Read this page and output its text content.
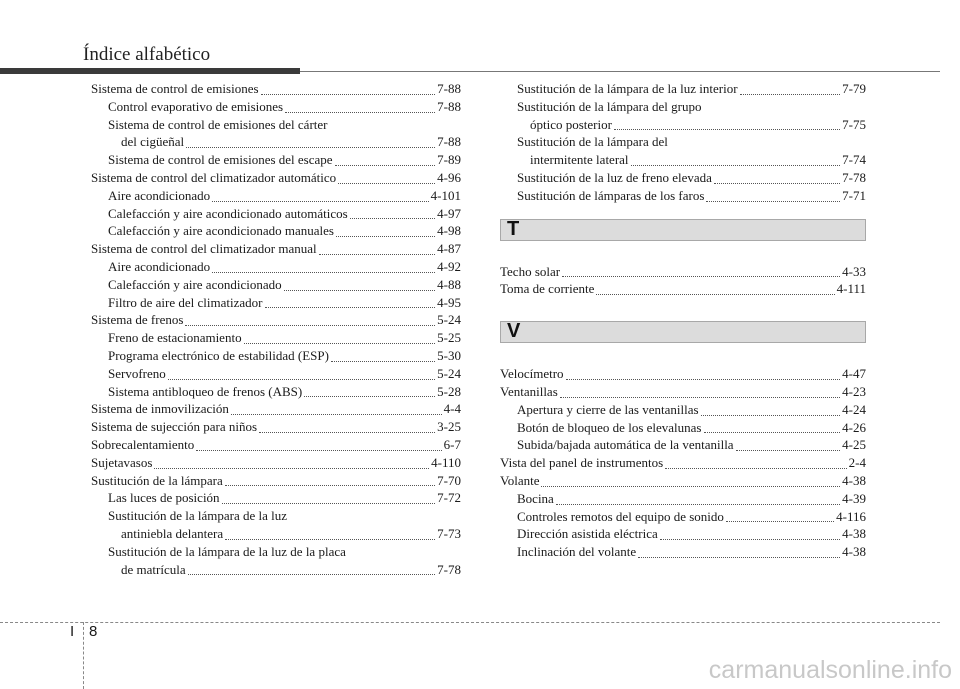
Índice alfabético
Sistema de control de emisiones	7-88
Control evaporativo de emisiones	7-88
Sistema de control de emisiones del cárter
del cigüeñal	7-88
Sistema de control de emisiones del escape	7-89
Sistema de control del climatizador automático	4-96
Aire acondicionado	4-101
Calefacción y aire acondicionado automáticos	4-97
Calefacción y aire acondicionado manuales	4-98
Sistema de control del climatizador manual	4-87
Aire acondicionado	4-92
Calefacción y aire acondicionado	4-88
Filtro de aire del climatizador	4-95
Sistema de frenos	5-24
Freno de estacionamiento	5-25
Programa electrónico de estabilidad (ESP)	5-30
Servofreno	5-24
Sistema antibloqueo de frenos (ABS)	5-28
Sistema de inmovilización	4-4
Sistema de sujección para niños	3-25
Sobrecalentamiento	6-7
Sujetavasos	4-110
Sustitución de la lámpara	7-70
Las luces de posición	7-72
Sustitución de la lámpara de la luz
antiniebla delantera	7-73
Sustitución de la lámpara de la luz de la placa
de matrícula	7-78
Sustitución de la lámpara de la luz interior	7-79
Sustitución de la lámpara del grupo
óptico posterior	7-75
Sustitución de la lámpara del
intermitente lateral	7-74
Sustitución de la luz de freno elevada	7-78
Sustitución de lámparas de los faros	7-71
T
Techo solar	4-33
Toma de corriente	4-111
V
Velocímetro	4-47
Ventanillas	4-23
Apertura y cierre de las ventanillas	4-24
Botón de bloqueo de los elevalunas	4-26
Subida/bajada automática de la ventanilla	4-25
Vista del panel de instrumentos	2-4
Volante	4-38
Bocina	4-39
Controles remotos del equipo de sonido	4-116
Dirección asistida eléctrica	4-38
Inclinación del volante	4-38
I 8
carmanualsonline.info
